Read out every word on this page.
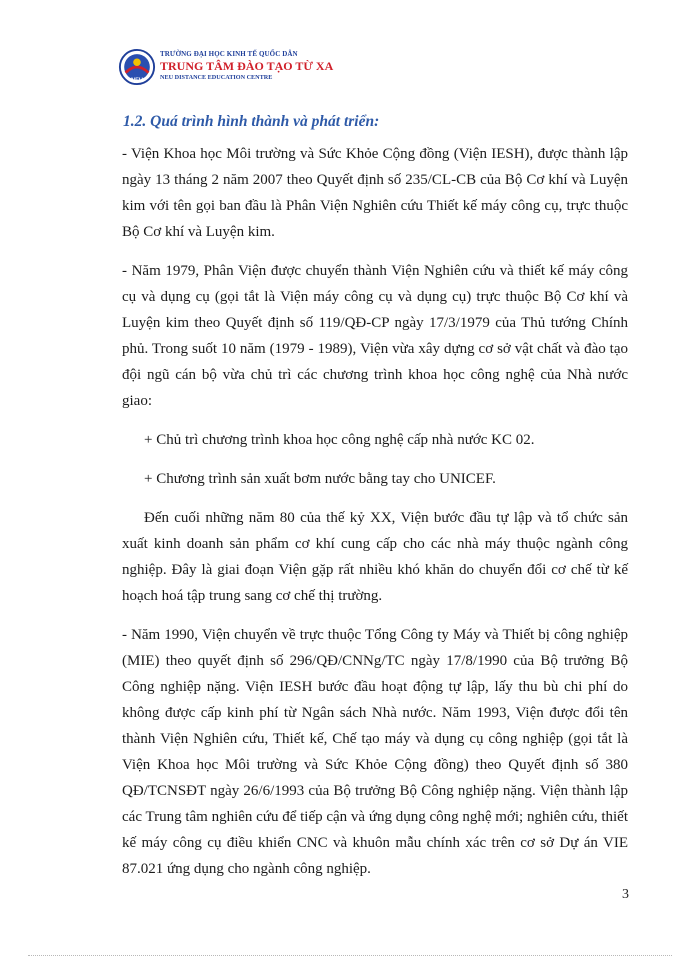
NEU
TRƯỜNG ĐẠI HỌC KINH TẾ QUỐC DÂN
TRUNG TÂM ĐÀO TẠO TỪ XA
NEU DISTANCE EDUCATION CENTRE
1.2. Quá trình hình thành và phát triển:

- Viện Khoa học Môi trường và Sức Khỏe Cộng đồng (Viện IESH), được thành lập ngày 13 tháng 2 năm 2007 theo Quyết định số 235/CL-CB của Bộ Cơ khí và Luyện kim với tên gọi ban đầu là Phân Viện Nghiên cứu Thiết kế máy công cụ, trực thuộc Bộ Cơ khí và Luyện kim.

- Năm 1979, Phân Viện được chuyển thành Viện Nghiên cứu và thiết kế máy công cụ và dụng cụ (gọi tắt là Viện máy công cụ và dụng cụ) trực thuộc Bộ Cơ khí và Luyện kim theo Quyết định số 119/QĐ-CP ngày 17/3/1979 của Thủ tướng Chính phủ. Trong suốt 10 năm (1979 - 1989), Viện vừa xây dựng cơ sở vật chất và đào tạo đội ngũ cán bộ vừa chủ trì các chương trình khoa học công nghệ của Nhà nước giao:

+ Chủ trì chương trình khoa học công nghệ cấp nhà nước KC 02.

+ Chương trình sản xuất bơm nước bằng tay cho UNICEF.

Đến cuối những năm 80 của thế kỷ XX, Viện bước đầu tự lập và tổ chức sản xuất kinh doanh sản phẩm cơ khí cung cấp cho các nhà máy thuộc ngành công nghiệp. Đây là giai đoạn Viện gặp rất nhiều khó khăn do chuyển đổi cơ chế từ kế hoạch hoá tập trung sang cơ chế thị trường.

- Năm 1990, Viện chuyển về trực thuộc Tổng Công ty Máy và Thiết bị công nghiệp (MIE) theo quyết định số 296/QĐ/CNNg/TC ngày 17/8/1990 của Bộ trưởng Bộ Công nghiệp nặng. Viện IESH bước đầu hoạt động tự lập, lấy thu bù chi phí do không được cấp kinh phí từ Ngân sách Nhà nước. Năm 1993, Viện được đổi tên thành Viện Nghiên cứu, Thiết kế, Chế tạo máy và dụng cụ công nghiệp (gọi tắt là Viện Khoa học Môi trường và Sức Khỏe Cộng đồng) theo Quyết định số 380 QĐ/TCNSĐT ngày 26/6/1993 của Bộ trưởng Bộ Công nghiệp nặng. Viện thành lập các Trung tâm nghiên cứu để tiếp cận và ứng dụng công nghệ mới; nghiên cứu, thiết kế máy công cụ điều khiển CNC và khuôn mẫu chính xác trên cơ sở Dự án VIE 87.021 ứng dụng cho ngành công nghiệp.

3
